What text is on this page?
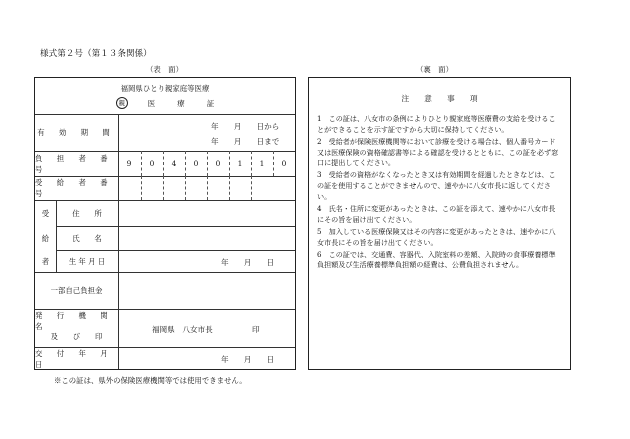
様式第２号（第１３条関係）
（表　面）	（裏　面）
福岡県ひとり親家庭等医療
親	医　　　療　　　証
有 効 期 間
年　　月　　日から
年　　月　　日まで
負 担 者 番 号
9	0	4	0	0	1	1	0
受 給 者 番 号
受
給
者
住　　所
氏　　名
生 年 月 日	年　　月　　日
一部自己負担金
発 行 機 関 名
及　　び　　印
福岡県　八女市長	印
交 付 年 月 日
年　　月　　日
※この証は、県外の保険医療機関等では使用できません。
注　　意　　事　　項

1　この証は、八女市の条例によりひとり親家庭等医療費の支給を受けることができることを示す証ですから大切に保持してください。

2　受給者が保険医療機関等において診療を受ける場合は、個人番号カード又は医療保険の資格確認書等による確認を受けるとともに、この証を必ず窓口に提出してください。

3　受給者の資格がなくなったとき又は有効期間を経過したときなどは、この証を使用することができませんので、速やかに八女市長に返してください。

4　氏名・住所に変更があったときは、この証を添えて、速やかに八女市長にその旨を届け出てください。

5　加入している医療保険又はその内容に変更があったときは、速やかに八女市長にその旨を届け出てください。

6　この証では、交通費、容器代、入院室料の差額、入院時の食事療養標準負担額及び生活療養標準負担額の経費は、公費負担されません。
